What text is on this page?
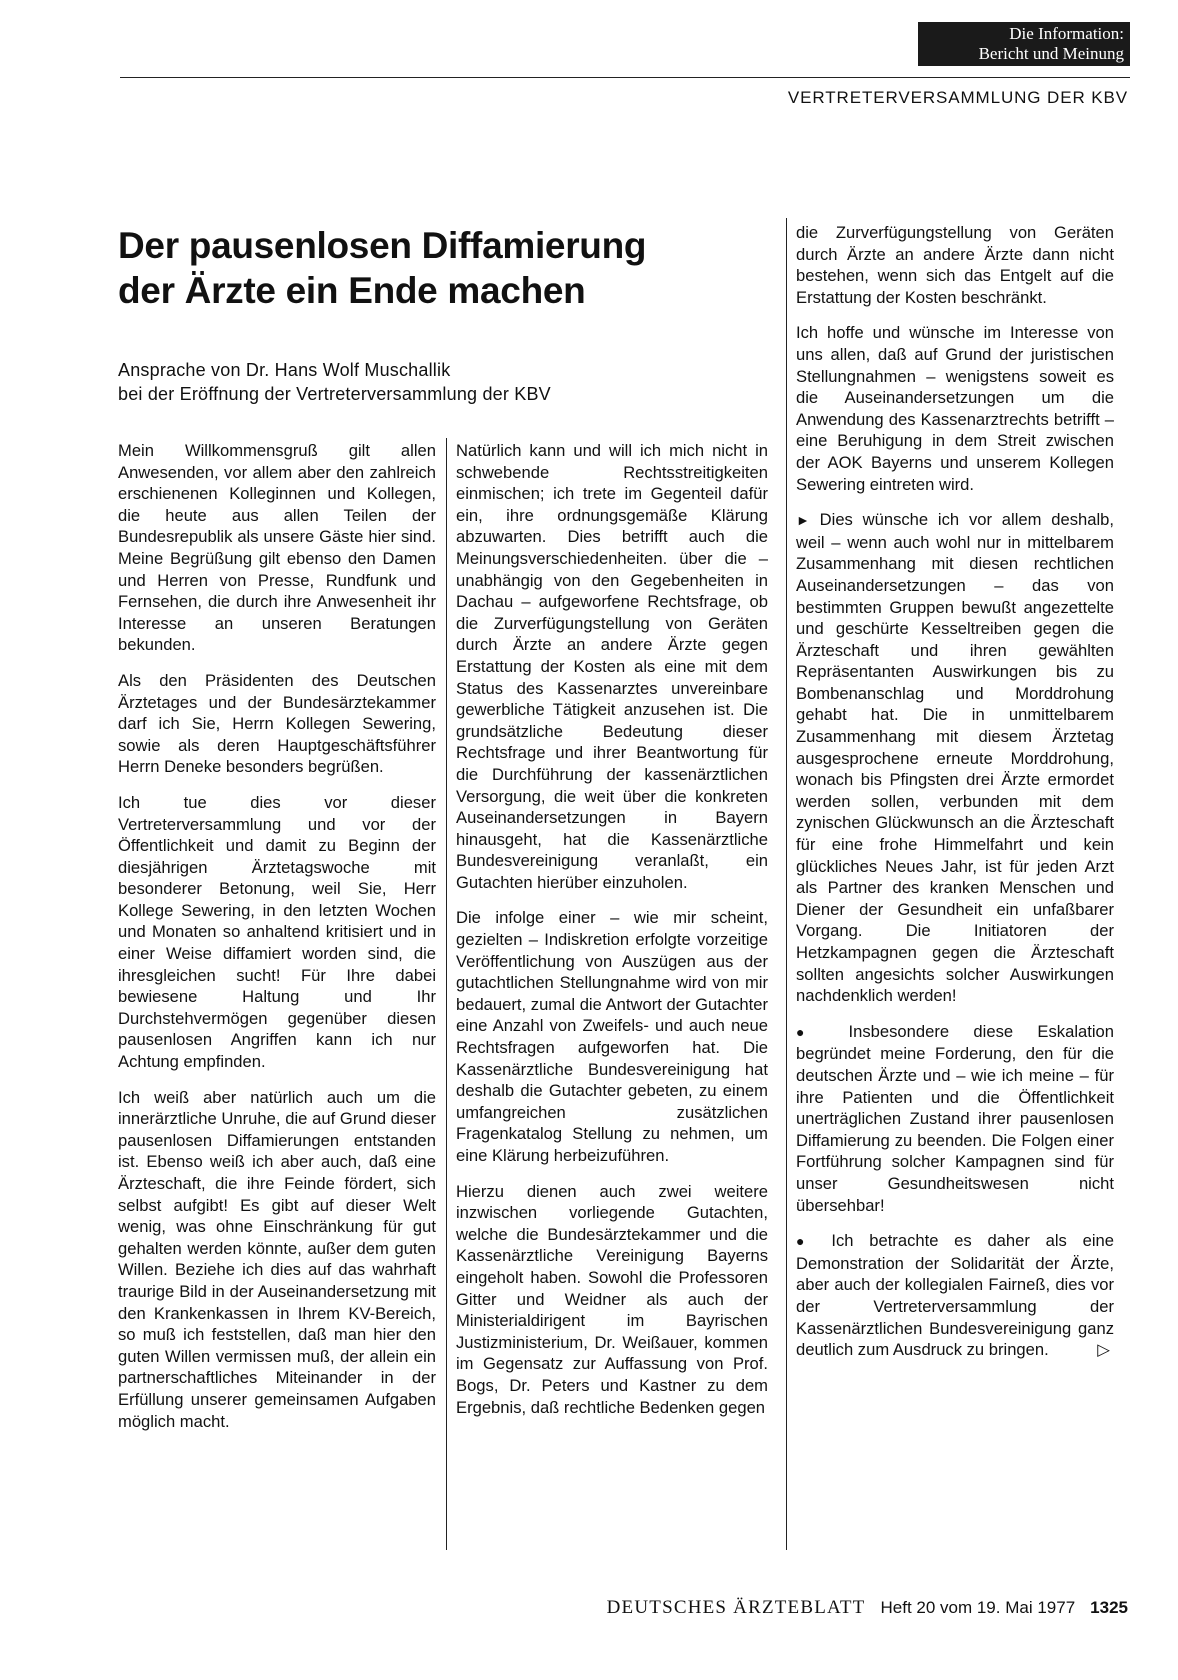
Die Information:
Bericht und Meinung
VERTRETERVERSAMMLUNG DER KBV
Der pausenlosen Diffamierung
der Ärzte ein Ende machen
Ansprache von Dr. Hans Wolf Muschallik
bei der Eröffnung der Vertreterversammlung der KBV

Mein Willkommensgruß gilt allen Anwesenden, vor allem aber den zahlreich erschienenen Kolleginnen und Kollegen, die heute aus allen Teilen der Bundesrepublik als unsere Gäste hier sind. Meine Begrüßung gilt ebenso den Damen und Herren von Presse, Rundfunk und Fernsehen, die durch ihre Anwesenheit ihr Interesse an unseren Beratungen bekunden.

Als den Präsidenten des Deutschen Ärztetages und der Bundesärztekammer darf ich Sie, Herrn Kollegen Sewering, sowie als deren Hauptgeschäftsführer Herrn Deneke besonders begrüßen.

Ich tue dies vor dieser Vertreterversammlung und vor der Öffentlichkeit und damit zu Beginn der diesjährigen Ärztetagswoche mit besonderer Betonung, weil Sie, Herr Kollege Sewering, in den letzten Wochen und Monaten so anhaltend kritisiert und in einer Weise diffamiert worden sind, die ihresgleichen sucht! Für Ihre dabei bewiesene Haltung und Ihr Durchstehvermögen gegenüber diesen pausenlosen Angriffen kann ich nur Achtung empfinden.

Ich weiß aber natürlich auch um die innerärztliche Unruhe, die auf Grund dieser pausenlosen Diffamierungen entstanden ist. Ebenso weiß ich aber auch, daß eine Ärzteschaft, die ihre Feinde fördert, sich selbst aufgibt! Es gibt auf dieser Welt wenig, was ohne Einschränkung für gut gehalten werden könnte, außer dem guten Willen. Beziehe ich dies auf das wahrhaft traurige Bild in der Auseinandersetzung mit den Krankenkassen in Ihrem KV-Bereich, so muß ich feststellen, daß man hier den guten Willen vermissen muß, der allein ein partnerschaftliches Miteinander in der Erfüllung unserer gemeinsamen Aufgaben möglich macht.

Natürlich kann und will ich mich nicht in schwebende Rechtsstreitigkeiten einmischen; ich trete im Gegenteil dafür ein, ihre ordnungsgemäße Klärung abzuwarten. Dies betrifft auch die Meinungsverschiedenheiten. über die – unabhängig von den Gegebenheiten in Dachau – aufgeworfene Rechtsfrage, ob die Zurverfügungstellung von Geräten durch Ärzte an andere Ärzte gegen Erstattung der Kosten als eine mit dem Status des Kassenarztes unvereinbare gewerbliche Tätigkeit anzusehen ist. Die grundsätzliche Bedeutung dieser Rechtsfrage und ihrer Beantwortung für die Durchführung der kassenärztlichen Versorgung, die weit über die konkreten Auseinandersetzungen in Bayern hinausgeht, hat die Kassenärztliche Bundesvereinigung veranlaßt, ein Gutachten hierüber einzuholen.

Die infolge einer – wie mir scheint, gezielten – Indiskretion erfolgte vorzeitige Veröffentlichung von Auszügen aus der gutachtlichen Stellungnahme wird von mir bedauert, zumal die Antwort der Gutachter eine Anzahl von Zweifels- und auch neue Rechtsfragen aufgeworfen hat. Die Kassenärztliche Bundesvereinigung hat deshalb die Gutachter gebeten, zu einem umfangreichen zusätzlichen Fragenkatalog Stellung zu nehmen, um eine Klärung herbeizuführen.

Hierzu dienen auch zwei weitere inzwischen vorliegende Gutachten, welche die Bundesärztekammer und die Kassenärztliche Vereinigung Bayerns eingeholt haben. Sowohl die Professoren Gitter und Weidner als auch der Ministerialdirigent im Bayrischen Justizministerium, Dr. Weißauer, kommen im Gegensatz zur Auffassung von Prof. Bogs, Dr. Peters und Kastner zu dem Ergebnis, daß rechtliche Bedenken gegen

die Zurverfügungstellung von Geräten durch Ärzte an andere Ärzte dann nicht bestehen, wenn sich das Entgelt auf die Erstattung der Kosten beschränkt.

Ich hoffe und wünsche im Interesse von uns allen, daß auf Grund der juristischen Stellungnahmen – wenigstens soweit es die Auseinandersetzungen um die Anwendung des Kassenarztrechts betrifft – eine Beruhigung in dem Streit zwischen der AOK Bayerns und unserem Kollegen Sewering eintreten wird.

► Dies wünsche ich vor allem deshalb, weil – wenn auch wohl nur in mittelbarem Zusammenhang mit diesen rechtlichen Auseinandersetzungen – das von bestimmten Gruppen bewußt angezettelte und geschürte Kesseltreiben gegen die Ärzteschaft und ihren gewählten Repräsentanten Auswirkungen bis zu Bombenanschlag und Morddrohung gehabt hat. Die in unmittelbarem Zusammenhang mit diesem Ärztetag ausgesprochene erneute Morddrohung, wonach bis Pfingsten drei Ärzte ermordet werden sollen, verbunden mit dem zynischen Glückwunsch an die Ärzteschaft für eine frohe Himmelfahrt und kein glückliches Neues Jahr, ist für jeden Arzt als Partner des kranken Menschen und Diener der Gesundheit ein unfaßbarer Vorgang. Die Initiatoren der Hetzkampagnen gegen die Ärzteschaft sollten angesichts solcher Auswirkungen nachdenklich werden!

● Insbesondere diese Eskalation begründet meine Forderung, den für die deutschen Ärzte und – wie ich meine – für ihre Patienten und die Öffentlichkeit unerträglichen Zustand ihrer pausenlosen Diffamierung zu beenden. Die Folgen einer Fortführung solcher Kampagnen sind für unser Gesundheitswesen nicht übersehbar!

● Ich betrachte es daher als eine Demonstration der Solidarität der Ärzte, aber auch der kollegialen Fairneß, dies vor der Vertreterversammlung der Kassenärztlichen Bundesvereinigung ganz deutlich zum Ausdruck zu bringen.	▷

DEUTSCHES ÄRZTEBLATT Heft 20 vom 19. Mai 1977 1325
